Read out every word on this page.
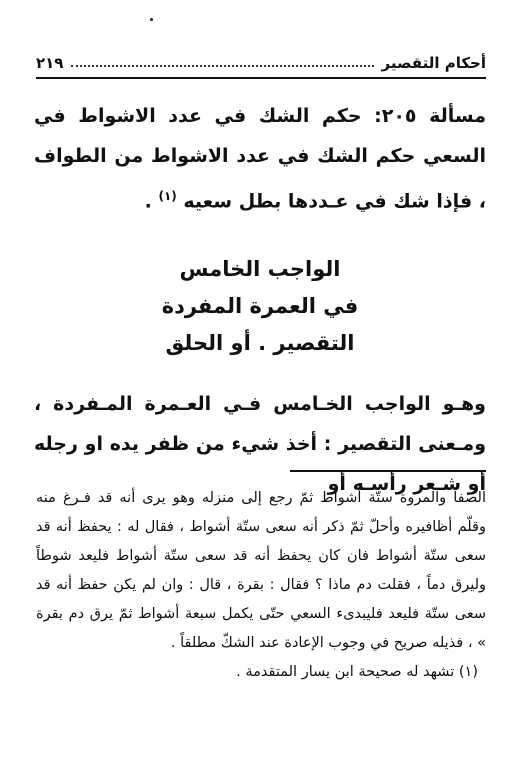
أحكام التقصير
٢١٩
مسألة ٢٠٥: حكم الشك في عدد الاشواط في السعي حكم الشك في عدد الاشواط من الطواف ، فإذا شك في عـددها بطل سعيه $^{(١)}$ .
الواجب الخامس
في العمرة المفردة
التقصير . أو الحلق
وهـو الواجب الخـامس فـي العـمرة المـفردة ، ومـعنى التقصير : أخذ شيء من ظفر يده او رجله أو شـعر رأسـه أو
الصفا والمروة ستّة أشواط ثمّ رجع إلى منزله وهو يرى أنه قد فـرغ منه وقلّم أظافيره وأحلّ ثمّ ذكر أنه سعى ستّة أشواط ، فقال له : يحفظ أنه قد سعى ستّة أشواط فان كان يحفظ أنه قد سعى ستّة أشواط فليعد شوطاً وليرق دماً ، فقلت دم ماذا ؟ فقال : بقرة ، قال : وان لم يكن حفظ أنه قد سعى ستّة فليعد فليبدىء السعي حتّى يكمل سبعة أشواط ثمّ يرق دم بقرة » ، فذيله صريح في وجوب الإعادة عند الشكّ مطلقاً .
(١) تشهد له صحيحة ابن يسار المتقدمة .
